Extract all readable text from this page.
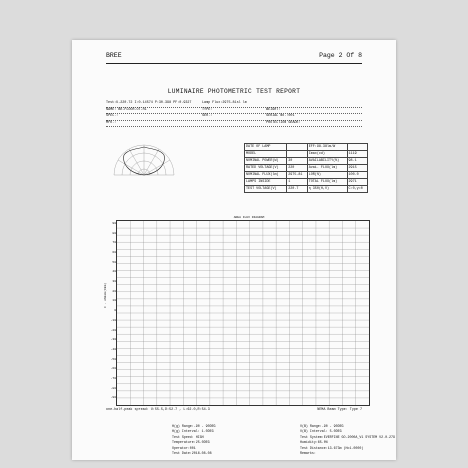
BREE	Page 2 Of 8
LUMINAIRE PHOTOMETRIC TEST REPORT
Test:U-220.72 I:0.14574 P:30.398 PF:0.9327	Lamp Flux:2975.81sl lm
NAME: BR-FLOOR-OT-HL	TYPE:	WEIGHT:
SPEC.:	SER.:	SERIAL No.:001
MFR.:	PROTECTION GRADE:
DATE OF LAMP		EFF:98.38lm/W	
MODEL		Imax(cd)	1119
NOMINAL POWER(W)	30	AVAILABILITY(%)	98.1
RATED VOLTAGE(V)	220	Avai. FLUX(lm)	2915
NOMINAL FLUX(lm)	2975.81	LOR(%)	100.0
LAMPS INSIDE	1	TOTAL FLUX(lm)	2971
TEST VOLTAGE(V)	220.7	η 350(H,V)	C:0,γ=0
AREA FLUX DIAGRAM
C - ANGLE(DEG)
90
80
70
60
50
40
30
20
10
0
-10
-20
-30
-40
-50
-60
-70
-80
-90
one-half-peak spread: U:55.5,D:52.7 , L:62.0,R:54.3	NEMA Beam Type: Type 7
H(g) Range:-90 - 90DEG
H(g) Interval: 1.0DEG
Test Speed: HIGH
Temperature:25.0DEG
Operator:001
Test Date:2016-08-08
V(B) Range:-90 - 90DEG
V(B) Interval: 5.0DEG
Test System:EVERFINE GO-2000A_V1 SYSTEM V2.0.279
Humidity:65.0%
Test Distance:13.673m (Hc1.0000)
Remarks:
